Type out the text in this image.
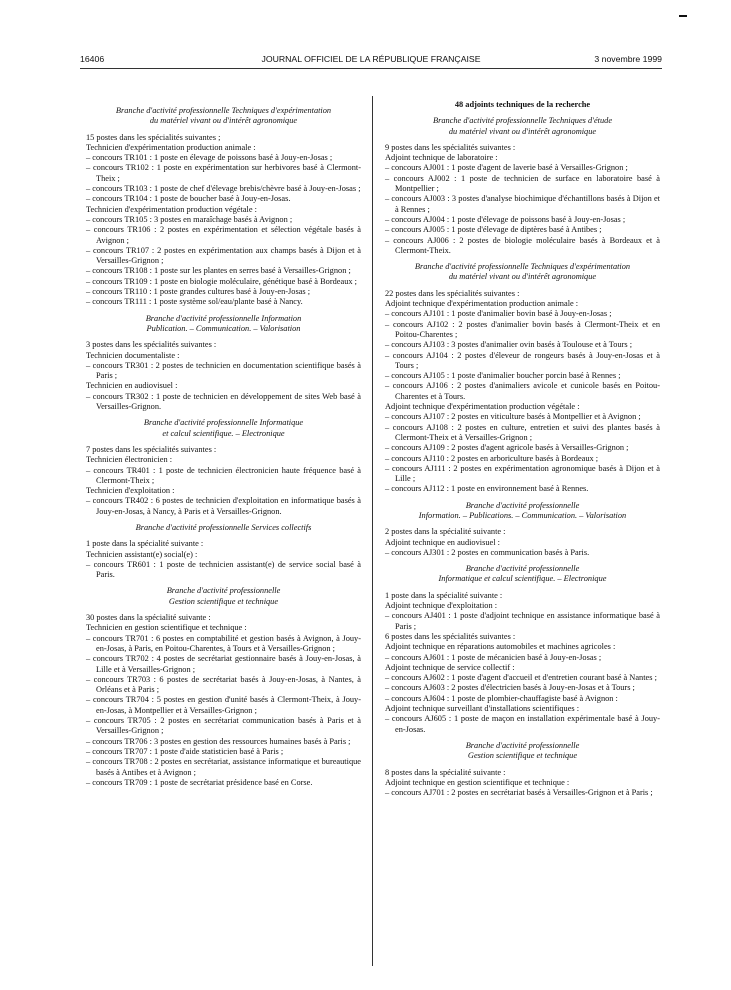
16406	JOURNAL OFFICIEL DE LA RÉPUBLIQUE FRANÇAISE	3 novembre 1999
Branche d'activité professionnelle Techniques d'expérimentation
du matériel vivant ou d'intérêt agronomique

15 postes dans les spécialités suivantes ;

Technicien d'expérimentation production animale :

– concours TR101 : 1 poste en élevage de poissons basé à Jouy-en-Josas ;

– concours TR102 : 1 poste en expérimentation sur herbivores basé à Clermont-Theix ;

– concours TR103 : 1 poste de chef d'élevage brebis/chèvre basé à Jouy-en-Josas ;

– concours TR104 : 1 poste de boucher basé à Jouy-en-Josas.

Technicien d'expérimentation production végétale :

– concours TR105 : 3 postes en maraîchage basés à Avignon ;

– concours TR106 : 2 postes en expérimentation et sélection végétale basés à Avignon ;

– concours TR107 : 2 postes en expérimentation aux champs basés à Dijon et à Versailles-Grignon ;

– concours TR108 : 1 poste sur les plantes en serres basé à Versailles-Grignon ;

– concours TR109 : 1 poste en biologie moléculaire, génétique basé à Bordeaux ;

– concours TR110 : 1 poste grandes cultures basé à Jouy-en-Josas ;

– concours TR111 : 1 poste système sol/eau/plante basé à Nancy.

Branche d'activité professionnelle Information
Publication. – Communication. – Valorisation

3 postes dans les spécialités suivantes :

Technicien documentaliste :

– concours TR301 : 2 postes de technicien en documentation scientifique basés à Paris ;

Technicien en audiovisuel :

– concours TR302 : 1 poste de technicien en développement de sites Web basé à Versailles-Grignon.

Branche d'activité professionnelle Informatique
et calcul scientifique. – Electronique

7 postes dans les spécialités suivantes :

Technicien électronicien :

– concours TR401 : 1 poste de technicien électronicien haute fréquence basé à Clermont-Theix ;

Technicien d'exploitation :

– concours TR402 : 6 postes de technicien d'exploitation en informatique basés à Jouy-en-Josas, à Nancy, à Paris et à Versailles-Grignon.

Branche d'activité professionnelle Services collectifs

1 poste dans la spécialité suivante :

Technicien assistant(e) social(e) :

– concours TR601 : 1 poste de technicien assistant(e) de service social basé à Paris.

Branche d'activité professionnelle
Gestion scientifique et technique

30 postes dans la spécialité suivante :

Technicien en gestion scientifique et technique :

– concours TR701 : 6 postes en comptabilité et gestion basés à Avignon, à Jouy-en-Josas, à Paris, en Poitou-Charentes, à Tours et à Versailles-Grignon ;

– concours TR702 : 4 postes de secrétariat gestionnaire basés à Jouy-en-Josas, à Lille et à Versailles-Grignon ;

– concours TR703 : 6 postes de secrétariat basés à Jouy-en-Josas, à Nantes, à Orléans et à Paris ;

– concours TR704 : 5 postes en gestion d'unité basés à Clermont-Theix, à Jouy-en-Josas, à Montpellier et à Versailles-Grignon ;

– concours TR705 : 2 postes en secrétariat communication basés à Paris et à Versailles-Grignon ;

– concours TR706 : 3 postes en gestion des ressources humaines basés à Paris ;

– concours TR707 : 1 poste d'aide statisticien basé à Paris ;

– concours TR708 : 2 postes en secrétariat, assistance informatique et bureautique basés à Antibes et à Avignon ;

– concours TR709 : 1 poste de secrétariat présidence basé en Corse.

48 adjoints techniques de la recherche

Branche d'activité professionnelle Techniques d'étude
du matériel vivant ou d'intérêt agronomique

9 postes dans les spécialités suivantes :

Adjoint technique de laboratoire :

– concours AJ001 : 1 poste d'agent de laverie basé à Versailles-Grignon ;

– concours AJ002 : 1 poste de technicien de surface en laboratoire basé à Montpellier ;

– concours AJ003 : 3 postes d'analyse biochimique d'échantillons basés à Dijon et à Rennes ;

– concours AJ004 : 1 poste d'élevage de poissons basé à Jouy-en-Josas ;

– concours AJ005 : 1 poste d'élevage de diptères basé à Antibes ;

– concours AJ006 : 2 postes de biologie moléculaire basés à Bordeaux et à Clermont-Theix.

Branche d'activité professionnelle Techniques d'expérimentation
du matériel vivant ou d'intérêt agronomique

22 postes dans les spécialités suivantes :

Adjoint technique d'expérimentation production animale :

– concours AJ101 : 1 poste d'animalier bovin basé à Jouy-en-Josas ;

– concours AJ102 : 2 postes d'animalier bovin basés à Clermont-Theix et en Poitou-Charentes ;

– concours AJ103 : 3 postes d'animalier ovin basés à Toulouse et à Tours ;

– concours AJ104 : 2 postes d'éleveur de rongeurs basés à Jouy-en-Josas et à Tours ;

– concours AJ105 : 1 poste d'animalier boucher porcin basé à Rennes ;

– concours AJ106 : 2 postes d'animaliers avicole et cunicole basés en Poitou-Charentes et à Tours.

Adjoint technique d'expérimentation production végétale :

– concours AJ107 : 2 postes en viticulture basés à Montpellier et à Avignon ;

– concours AJ108 : 2 postes en culture, entretien et suivi des plantes basés à Clermont-Theix et à Versailles-Grignon ;

– concours AJ109 : 2 postes d'agent agricole basés à Versailles-Grignon ;

– concours AJ110 : 2 postes en arboriculture basés à Bordeaux ;

– concours AJ111 : 2 postes en expérimentation agronomique basés à Dijon et à Lille ;

– concours AJ112 : 1 poste en environnement basé à Rennes.

Branche d'activité professionnelle
Information. – Publications. – Communication. – Valorisation

2 postes dans la spécialité suivante :

Adjoint technique en audiovisuel :

– concours AJ301 : 2 postes en communication basés à Paris.

Branche d'activité professionnelle
Informatique et calcul scientifique. – Electronique

1 poste dans la spécialité suivante :

Adjoint technique d'exploitation :

– concours AJ401 : 1 poste d'adjoint technique en assistance informatique basé à Paris ;

6 postes dans les spécialités suivantes :

Adjoint technique en réparations automobiles et machines agricoles :

– concours AJ601 : 1 poste de mécanicien basé à Jouy-en-Josas ;

Adjoint technique de service collectif :

– concours AJ602 : 1 poste d'agent d'accueil et d'entretien courant basé à Nantes ;

– concours AJ603 : 2 postes d'électricien basés à Jouy-en-Josas et à Tours ;

– concours AJ604 : 1 poste de plombier-chauffagiste basé à Avignon :

Adjoint technique surveillant d'installations scientifiques :

– concours AJ605 : 1 poste de maçon en installation expérimentale basé à Jouy-en-Josas.

Branche d'activité professionnelle
Gestion scientifique et technique

8 postes dans la spécialité suivante :

Adjoint technique en gestion scientifique et technique :

– concours AJ701 : 2 postes en secrétariat basés à Versailles-Grignon et à Paris ;
